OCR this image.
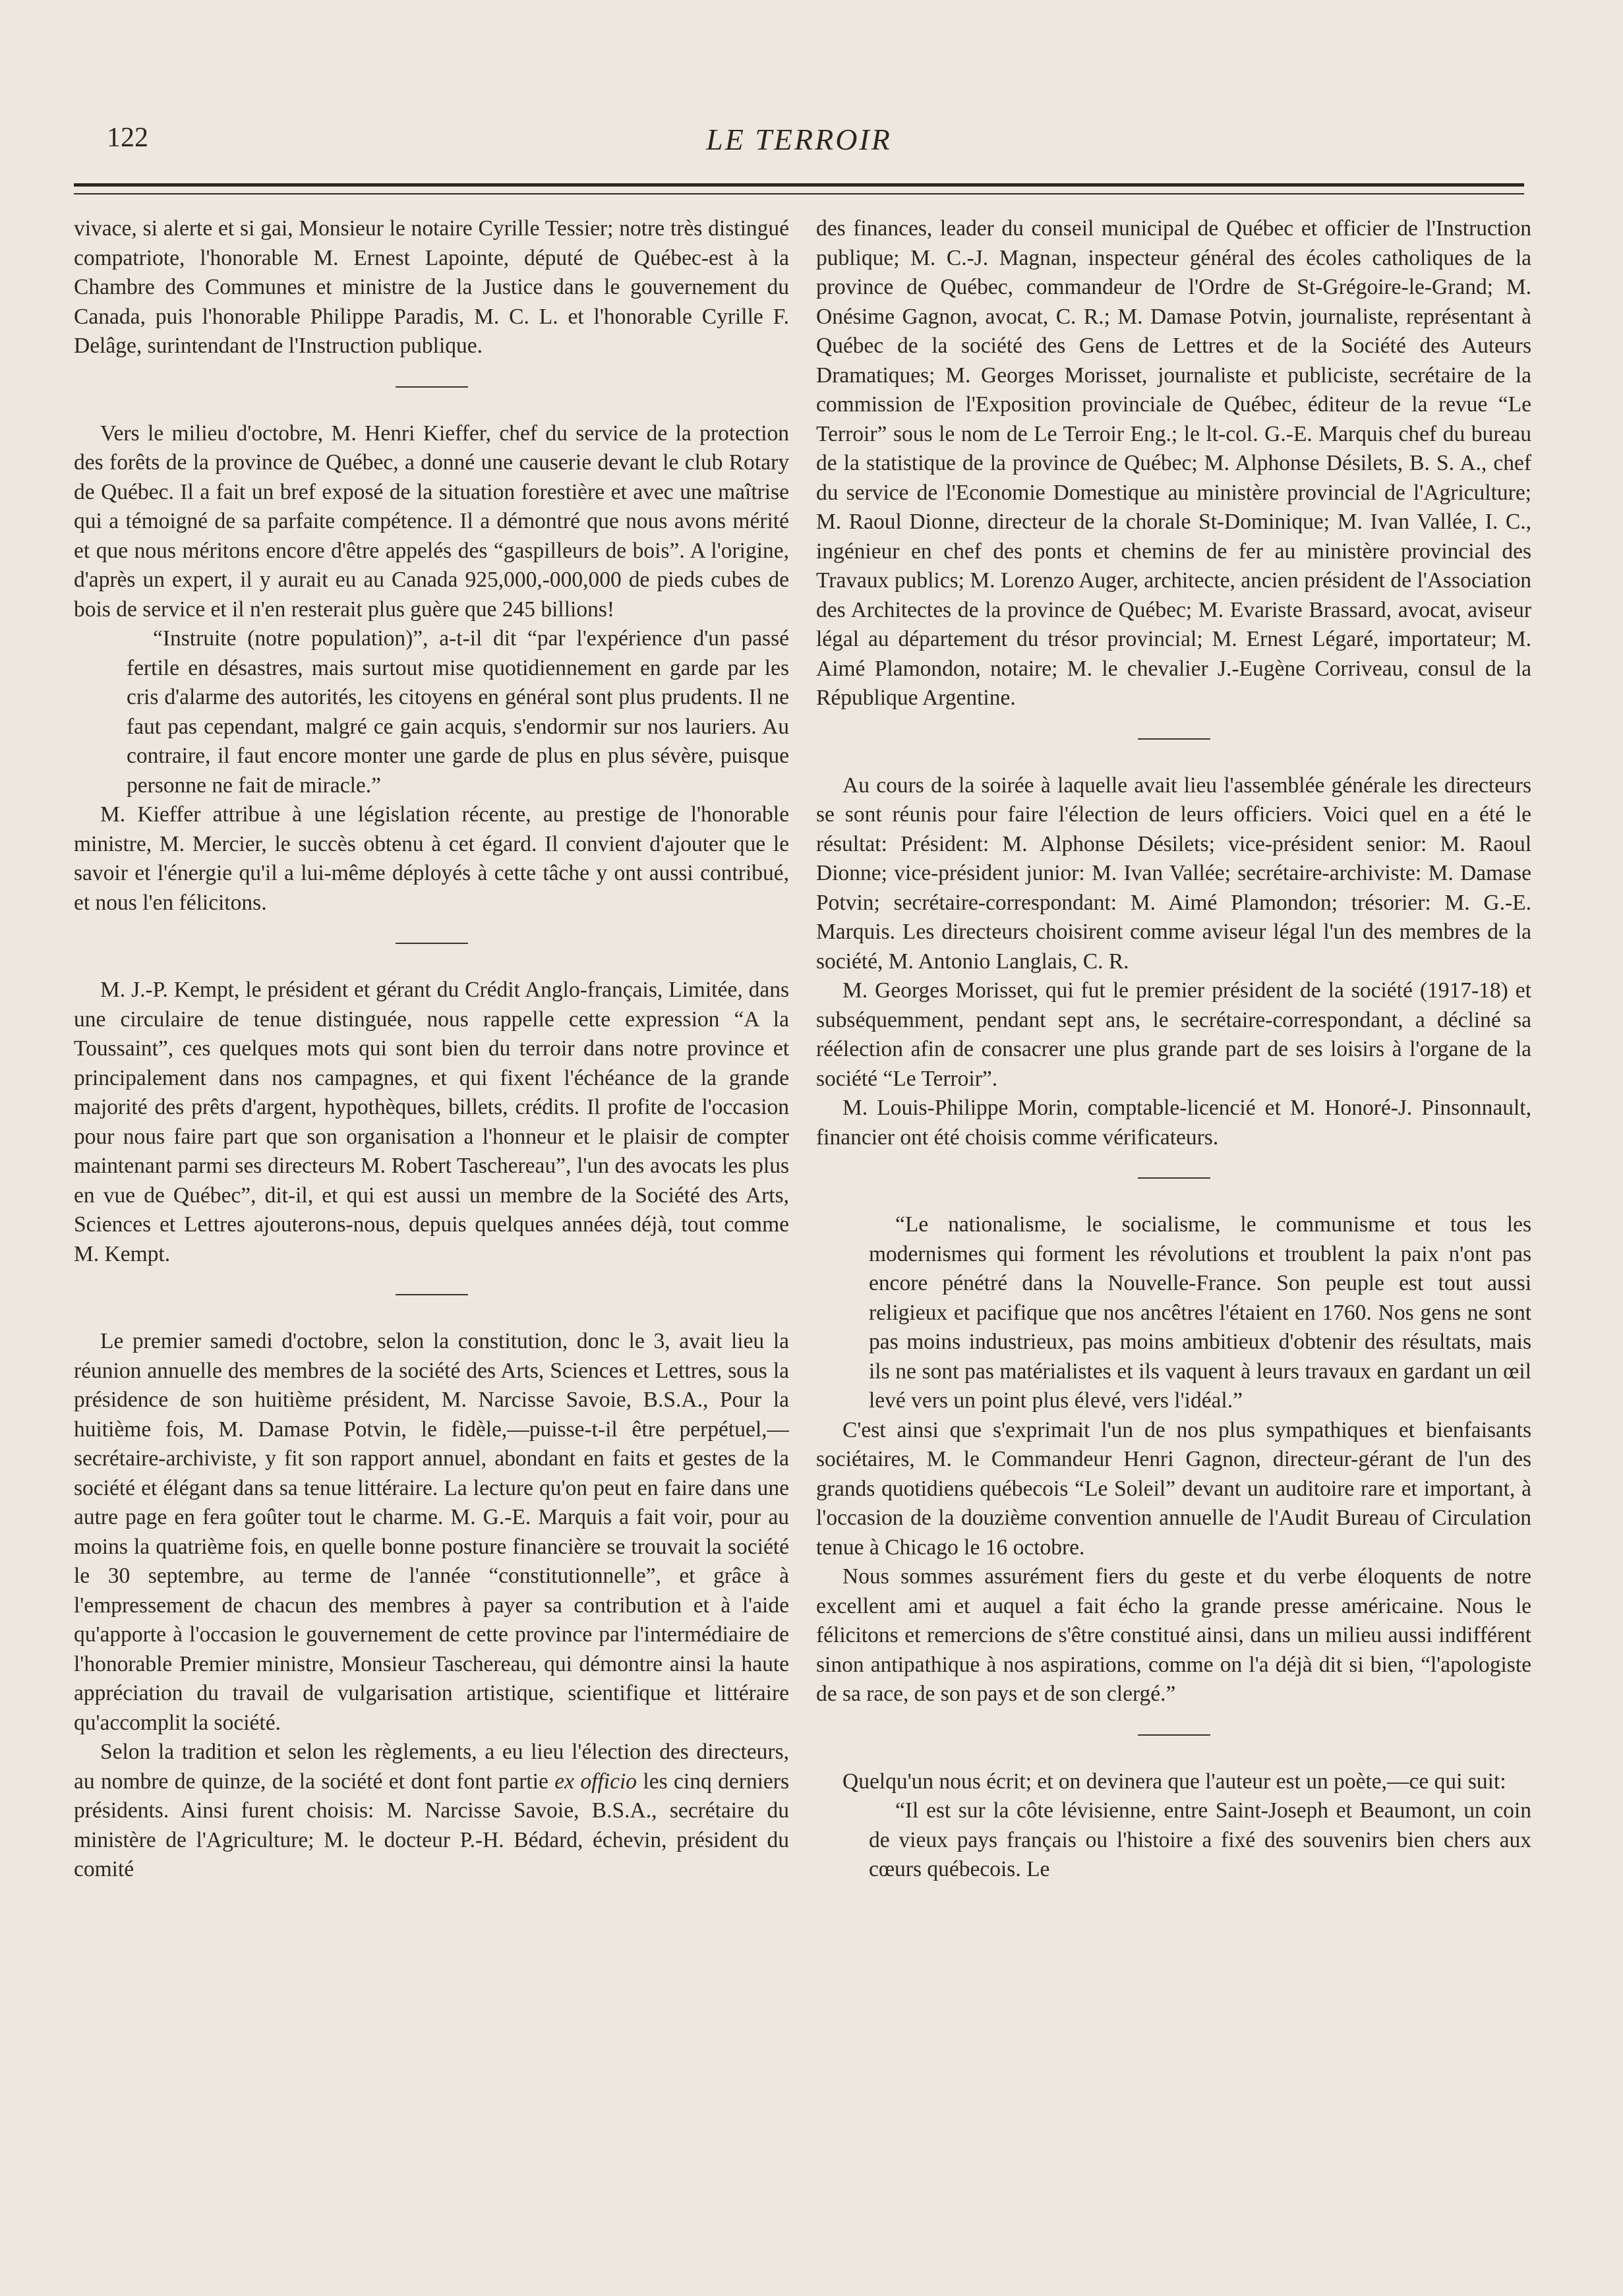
122	LE TERROIR

vivace, si alerte et si gai, Monsieur le notaire Cyrille Tessier; notre très distingué compatriote, l'honorable M. Ernest Lapointe, député de Québec-est à la Chambre des Communes et ministre de la Justice dans le gouvernement du Canada, puis l'honorable Philippe Paradis, M. C. L. et l'honorable Cyrille F. Delâge, surintendant de l'Instruction publique.

Vers le milieu d'octobre, M. Henri Kieffer, chef du service de la protection des forêts de la province de Québec, a donné une causerie devant le club Rotary de Québec. Il a fait un bref exposé de la situation forestière et avec une maîtrise qui a témoigné de sa parfaite compétence. Il a démontré que nous avons mérité et que nous méritons encore d'être appelés des “gaspilleurs de bois”. A l'origine, d'après un expert, il y aurait eu au Canada 925,000,-000,000 de pieds cubes de bois de service et il n'en resterait plus guère que 245 billions!

“Instruite (notre population)”, a-t-il dit “par l'expérience d'un passé fertile en désastres, mais surtout mise quotidiennement en garde par les cris d'alarme des autorités, les citoyens en général sont plus prudents. Il ne faut pas cependant, malgré ce gain acquis, s'endormir sur nos lauriers. Au contraire, il faut encore monter une garde de plus en plus sévère, puisque personne ne fait de miracle.”

M. Kieffer attribue à une législation récente, au prestige de l'honorable ministre, M. Mercier, le succès obtenu à cet égard. Il convient d'ajouter que le savoir et l'énergie qu'il a lui-même déployés à cette tâche y ont aussi contribué, et nous l'en félicitons.

M. J.-P. Kempt, le président et gérant du Crédit Anglo-français, Limitée, dans une circulaire de tenue distinguée, nous rappelle cette expression “A la Toussaint”, ces quelques mots qui sont bien du terroir dans notre province et principalement dans nos campagnes, et qui fixent l'échéance de la grande majorité des prêts d'argent, hypothèques, billets, crédits. Il profite de l'occasion pour nous faire part que son organisation a l'honneur et le plaisir de compter maintenant parmi ses directeurs M. Robert Taschereau”, l'un des avocats les plus en vue de Québec”, dit-il, et qui est aussi un membre de la Société des Arts, Sciences et Lettres ajouterons-nous, depuis quelques années déjà, tout comme M. Kempt.

Le premier samedi d'octobre, selon la constitution, donc le 3, avait lieu la réunion annuelle des membres de la société des Arts, Sciences et Lettres, sous la présidence de son huitième président, M. Narcisse Savoie, B.S.A., Pour la huitième fois, M. Damase Potvin, le fidèle,—puisse-t-il être perpétuel,—secrétaire-archiviste, y fit son rapport annuel, abondant en faits et gestes de la société et élégant dans sa tenue littéraire. La lecture qu'on peut en faire dans une autre page en fera goûter tout le charme. M. G.-E. Marquis a fait voir, pour au moins la quatrième fois, en quelle bonne posture financière se trouvait la société le 30 septembre, au terme de l'année “constitutionnelle”, et grâce à l'empressement de chacun des membres à payer sa contribution et à l'aide qu'apporte à l'occasion le gouvernement de cette province par l'intermédiaire de l'honorable Premier ministre, Monsieur Taschereau, qui démontre ainsi la haute appréciation du travail de vulgarisation artistique, scientifique et littéraire qu'accomplit la société.

Selon la tradition et selon les règlements, a eu lieu l'élection des directeurs, au nombre de quinze, de la société et dont font partie ex officio les cinq derniers présidents. Ainsi furent choisis: M. Narcisse Savoie, B.S.A., secrétaire du ministère de l'Agriculture; M. le docteur P.-H. Bédard, échevin, président du comité

des finances, leader du conseil municipal de Québec et officier de l'Instruction publique; M. C.-J. Magnan, inspecteur général des écoles catholiques de la province de Québec, commandeur de l'Ordre de St-Grégoire-le-Grand; M. Onésime Gagnon, avocat, C. R.; M. Damase Potvin, journaliste, représentant à Québec de la société des Gens de Lettres et de la Société des Auteurs Dramatiques; M. Georges Morisset, journaliste et publiciste, secrétaire de la commission de l'Exposition provinciale de Québec, éditeur de la revue “Le Terroir” sous le nom de Le Terroir Eng.; le lt-col. G.-E. Marquis chef du bureau de la statistique de la province de Québec; M. Alphonse Désilets, B. S. A., chef du service de l'Economie Domestique au ministère provincial de l'Agriculture; M. Raoul Dionne, directeur de la chorale St-Dominique; M. Ivan Vallée, I. C., ingénieur en chef des ponts et chemins de fer au ministère provincial des Travaux publics; M. Lorenzo Auger, architecte, ancien président de l'Association des Architectes de la province de Québec; M. Evariste Brassard, avocat, aviseur légal au département du trésor provincial; M. Ernest Légaré, importateur; M. Aimé Plamondon, notaire; M. le chevalier J.-Eugène Corriveau, consul de la République Argentine.

Au cours de la soirée à laquelle avait lieu l'assemblée générale les directeurs se sont réunis pour faire l'élection de leurs officiers. Voici quel en a été le résultat: Président: M. Alphonse Désilets; vice-président senior: M. Raoul Dionne; vice-président junior: M. Ivan Vallée; secrétaire-archiviste: M. Damase Potvin; secrétaire-correspondant: M. Aimé Plamondon; trésorier: M. G.-E. Marquis. Les directeurs choisirent comme aviseur légal l'un des membres de la société, M. Antonio Langlais, C. R.

M. Georges Morisset, qui fut le premier président de la société (1917-18) et subséquemment, pendant sept ans, le secrétaire-correspondant, a décliné sa réélection afin de consacrer une plus grande part de ses loisirs à l'organe de la société “Le Terroir”.

M. Louis-Philippe Morin, comptable-licencié et M. Honoré-J. Pinsonnault, financier ont été choisis comme vérificateurs.

“Le nationalisme, le socialisme, le communisme et tous les modernismes qui forment les révolutions et troublent la paix n'ont pas encore pénétré dans la Nouvelle-France. Son peuple est tout aussi religieux et pacifique que nos ancêtres l'étaient en 1760. Nos gens ne sont pas moins industrieux, pas moins ambitieux d'obtenir des résultats, mais ils ne sont pas matérialistes et ils vaquent à leurs travaux en gardant un œil levé vers un point plus élevé, vers l'idéal.”

C'est ainsi que s'exprimait l'un de nos plus sympathiques et bienfaisants sociétaires, M. le Commandeur Henri Gagnon, directeur-gérant de l'un des grands quotidiens québecois “Le Soleil” devant un auditoire rare et important, à l'occasion de la douzième convention annuelle de l'Audit Bureau of Circulation tenue à Chicago le 16 octobre.

Nous sommes assurément fiers du geste et du verbe éloquents de notre excellent ami et auquel a fait écho la grande presse américaine. Nous le félicitons et remercions de s'être constitué ainsi, dans un milieu aussi indifférent sinon antipathique à nos aspirations, comme on l'a déjà dit si bien, “l'apologiste de sa race, de son pays et de son clergé.”

Quelqu'un nous écrit; et on devinera que l'auteur est un poète,—ce qui suit:

“Il est sur la côte lévisienne, entre Saint-Joseph et Beaumont, un coin de vieux pays français ou l'histoire a fixé des souvenirs bien chers aux cœurs québecois. Le
